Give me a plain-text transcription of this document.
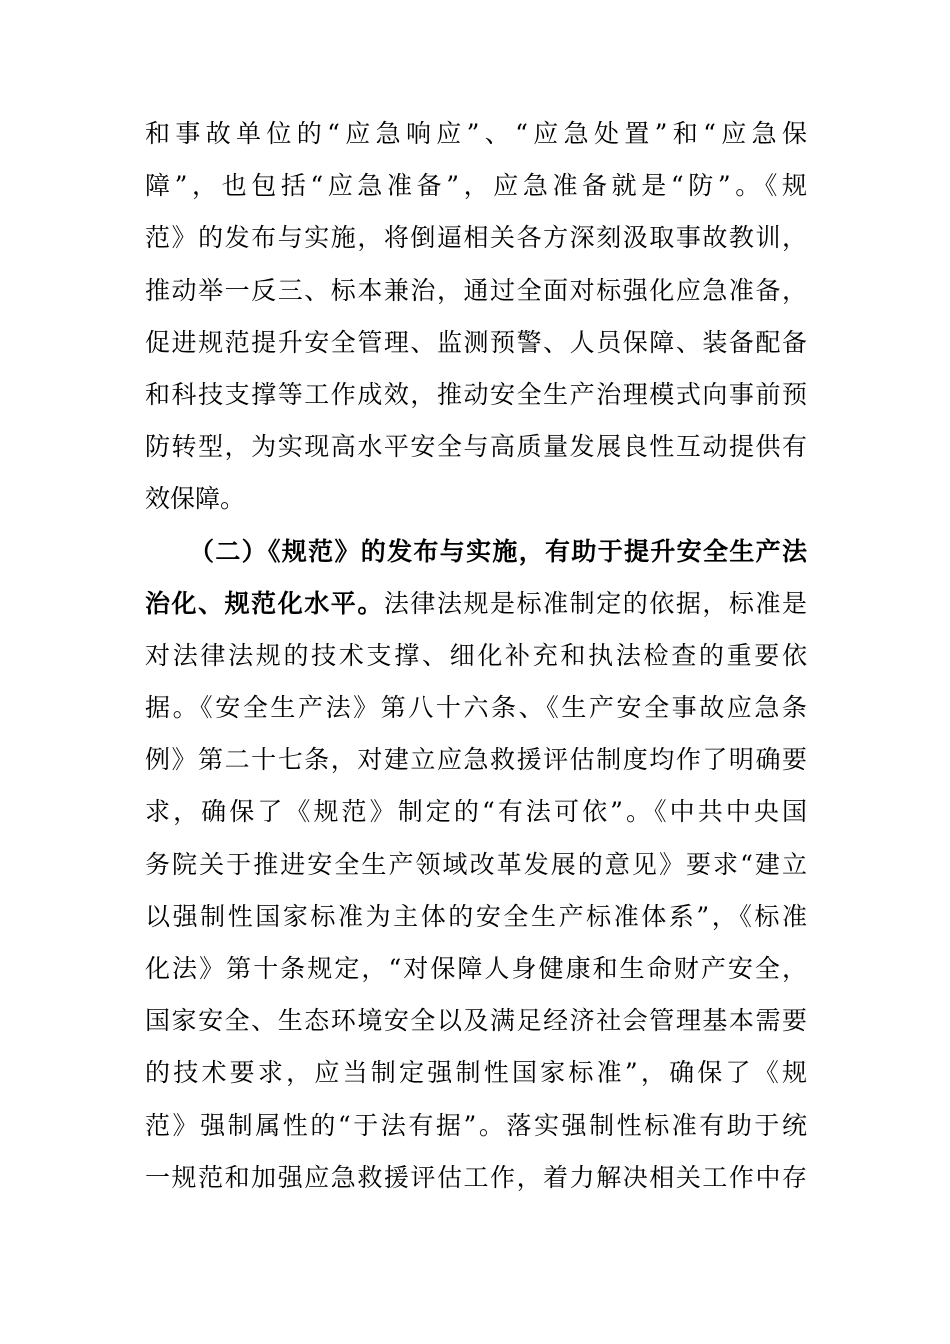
和事故单位的“应急响应”、“应急处置”和“应急保
障”，也包括“应急准备”，应急准备就是“防”。《规
范》的发布与实施，将倒逼相关各方深刻汲取事故教训，
推动举一反三、标本兼治，通过全面对标强化应急准备，
促进规范提升安全管理、监测预警、人员保障、装备配备
和科技支撑等工作成效，推动安全生产治理模式向事前预
防转型，为实现高水平安全与高质量发展良性互动提供有
效保障。
（二）《规范》的发布与实施，有助于提升安全生产法
治化、规范化水平。法律法规是标准制定的依据，标准是
对法律法规的技术支撑、细化补充和执法检查的重要依
据。《安全生产法》第八十六条、《生产安全事故应急条
例》第二十七条，对建立应急救援评估制度均作了明确要
求，确保了《规范》制定的“有法可依”。《中共中央国
务院关于推进安全生产领域改革发展的意见》要求“建立
以强制性国家标准为主体的安全生产标准体系”，《标准
化法》第十条规定，“对保障人身健康和生命财产安全，
国家安全、生态环境安全以及满足经济社会管理基本需要
的技术要求，应当制定强制性国家标准”，确保了《规
范》强制属性的“于法有据”。落实强制性标准有助于统
一规范和加强应急救援评估工作，着力解决相关工作中存
